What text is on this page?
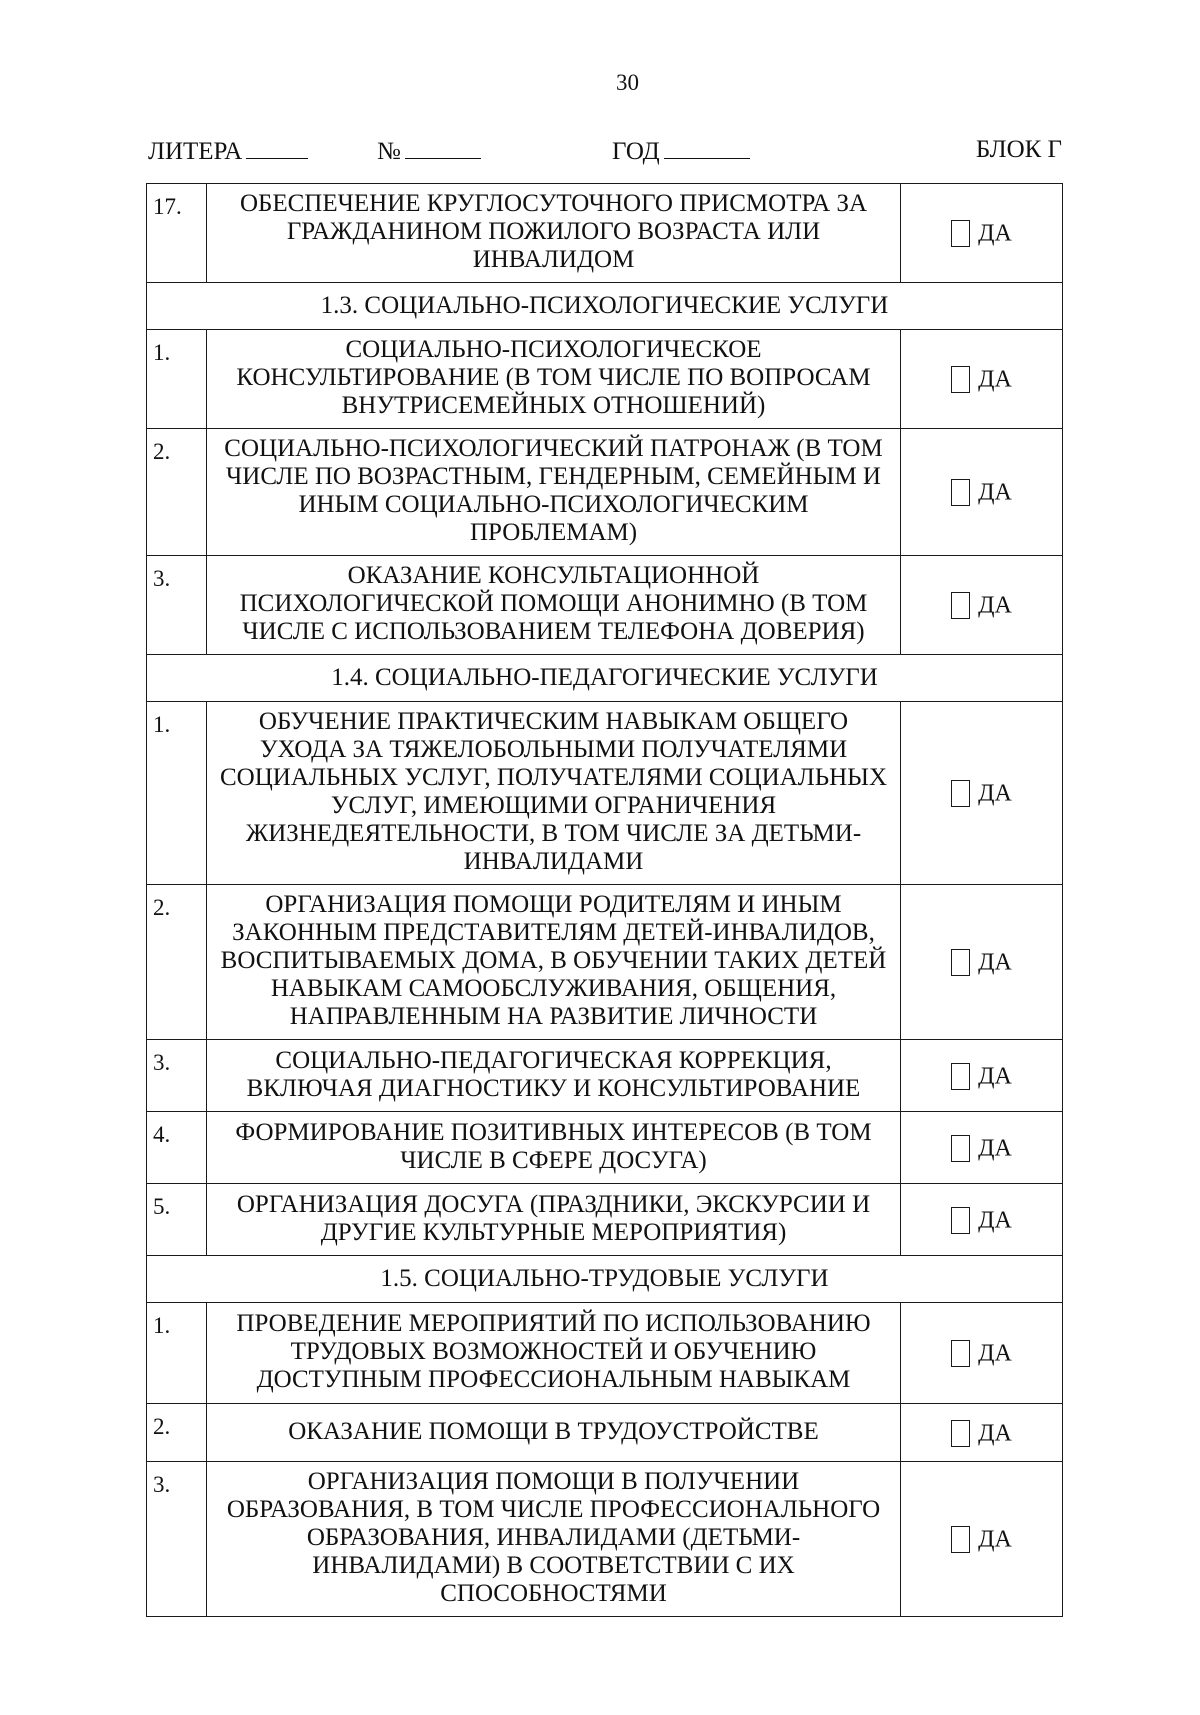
30
ЛИТЕРА	№	ГОД	БЛОК Г
17.	ОБЕСПЕЧЕНИЕ КРУГЛОСУТОЧНОГО ПРИСМОТРА ЗА ГРАЖДАНИНОМ ПОЖИЛОГО ВОЗРАСТА ИЛИ ИНВАЛИДОМ	ДА
1.3. СОЦИАЛЬНО-ПСИХОЛОГИЧЕСКИЕ УСЛУГИ		
1.	СОЦИАЛЬНО-ПСИХОЛОГИЧЕСКОЕ КОНСУЛЬТИРОВАНИЕ (В ТОМ ЧИСЛЕ ПО ВОПРОСАМ ВНУТРИСЕМЕЙНЫХ ОТНОШЕНИЙ)	ДА
2.	СОЦИАЛЬНО-ПСИХОЛОГИЧЕСКИЙ ПАТРОНАЖ (В ТОМ ЧИСЛЕ ПО ВОЗРАСТНЫМ, ГЕНДЕРНЫМ, СЕМЕЙНЫМ И ИНЫМ СОЦИАЛЬНО-ПСИХОЛОГИЧЕСКИМ ПРОБЛЕМАМ)	ДА
3.	ОКАЗАНИЕ КОНСУЛЬТАЦИОННОЙ ПСИХОЛОГИЧЕСКОЙ ПОМОЩИ АНОНИМНО (В ТОМ ЧИСЛЕ С ИСПОЛЬЗОВАНИЕМ ТЕЛЕФОНА ДОВЕРИЯ)	ДА
1.4. СОЦИАЛЬНО-ПЕДАГОГИЧЕСКИЕ УСЛУГИ		
1.	ОБУЧЕНИЕ ПРАКТИЧЕСКИМ НАВЫКАМ ОБЩЕГО УХОДА ЗА ТЯЖЕЛОБОЛЬНЫМИ ПОЛУЧАТЕЛЯМИ СОЦИАЛЬНЫХ УСЛУГ, ПОЛУЧАТЕЛЯМИ СОЦИАЛЬНЫХ УСЛУГ, ИМЕЮЩИМИ ОГРАНИЧЕНИЯ ЖИЗНЕДЕЯТЕЛЬНОСТИ, В ТОМ ЧИСЛЕ ЗА ДЕТЬМИ-ИНВАЛИДАМИ	ДА
2.	ОРГАНИЗАЦИЯ ПОМОЩИ РОДИТЕЛЯМ И ИНЫМ ЗАКОННЫМ ПРЕДСТАВИТЕЛЯМ ДЕТЕЙ-ИНВАЛИДОВ, ВОСПИТЫВАЕМЫХ ДОМА, В ОБУЧЕНИИ ТАКИХ ДЕТЕЙ НАВЫКАМ САМООБСЛУЖИВАНИЯ, ОБЩЕНИЯ, НАПРАВЛЕННЫМ НА РАЗВИТИЕ ЛИЧНОСТИ	ДА
3.	СОЦИАЛЬНО-ПЕДАГОГИЧЕСКАЯ КОРРЕКЦИЯ, ВКЛЮЧАЯ ДИАГНОСТИКУ И КОНСУЛЬТИРОВАНИЕ	ДА
4.	ФОРМИРОВАНИЕ ПОЗИТИВНЫХ ИНТЕРЕСОВ (В ТОМ ЧИСЛЕ В СФЕРЕ ДОСУГА)	ДА
5.	ОРГАНИЗАЦИЯ ДОСУГА (ПРАЗДНИКИ, ЭКСКУРСИИ И ДРУГИЕ КУЛЬТУРНЫЕ МЕРОПРИЯТИЯ)	ДА
1.5. СОЦИАЛЬНО-ТРУДОВЫЕ УСЛУГИ		
1.	ПРОВЕДЕНИЕ МЕРОПРИЯТИЙ ПО ИСПОЛЬЗОВАНИЮ ТРУДОВЫХ ВОЗМОЖНОСТЕЙ И ОБУЧЕНИЮ ДОСТУПНЫМ ПРОФЕССИОНАЛЬНЫМ НАВЫКАМ	ДА
2.	ОКАЗАНИЕ ПОМОЩИ В ТРУДОУСТРОЙСТВЕ	ДА
3.	ОРГАНИЗАЦИЯ ПОМОЩИ В ПОЛУЧЕНИИ ОБРАЗОВАНИЯ, В ТОМ ЧИСЛЕ ПРОФЕССИОНАЛЬНОГО ОБРАЗОВАНИЯ, ИНВАЛИДАМИ (ДЕТЬМИ-ИНВАЛИДАМИ) В СООТВЕТСТВИИ С ИХ СПОСОБНОСТЯМИ	ДА
